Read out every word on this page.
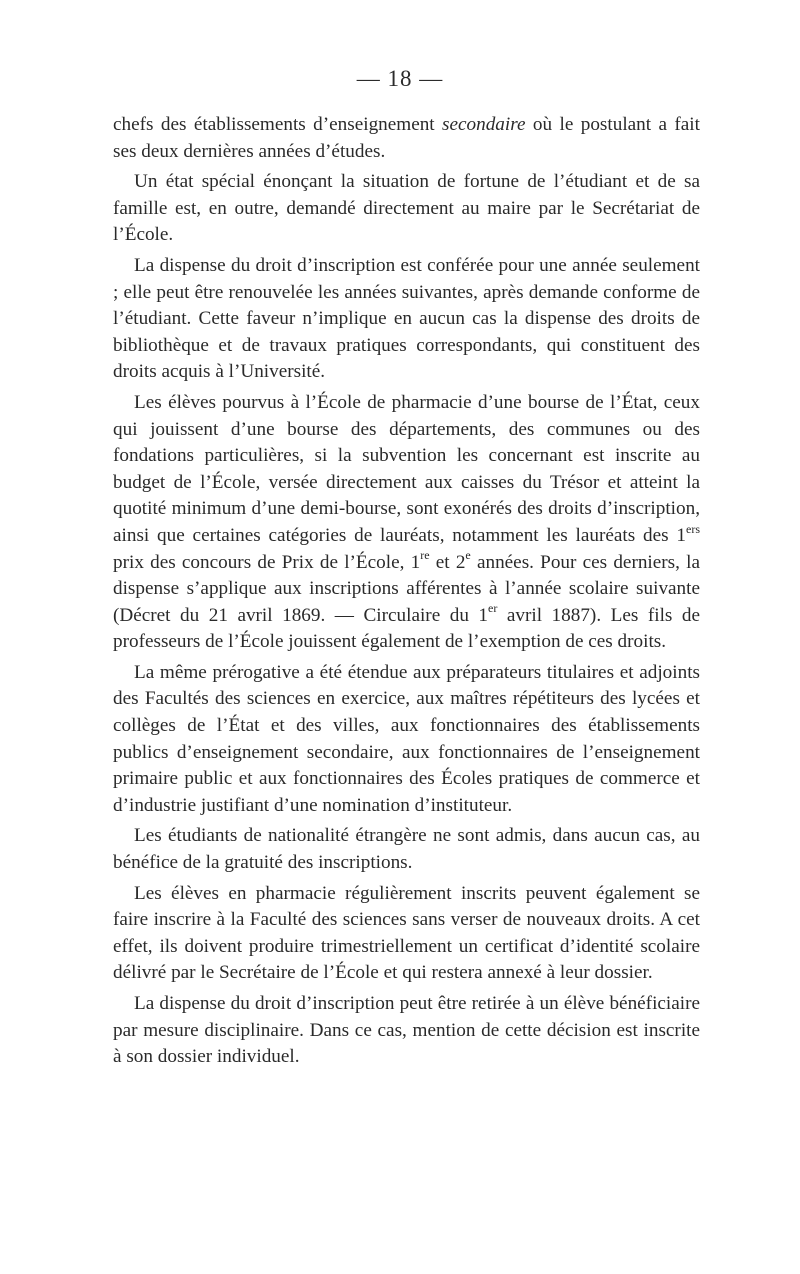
— 18 —

chefs des établissements d’enseignement secondaire où le postulant a fait ses deux dernières années d’études.

Un état spécial énonçant la situation de fortune de l’étudiant et de sa famille est, en outre, demandé directement au maire par le Secrétariat de l’École.

La dispense du droit d’inscription est conférée pour une année seulement ; elle peut être renouvelée les années suivantes, après demande conforme de l’étudiant. Cette faveur n’implique en aucun cas la dispense des droits de bibliothèque et de travaux pratiques correspondants, qui constituent des droits acquis à l’Université.

Les élèves pourvus à l’École de pharmacie d’une bourse de l’État, ceux qui jouissent d’une bourse des départements, des communes ou des fondations particulières, si la subvention les concernant est inscrite au budget de l’École, versée directement aux caisses du Trésor et atteint la quotité minimum d’une demi-bourse, sont exonérés des droits d’inscription, ainsi que certaines catégories de lauréats, notamment les lauréats des 1ers prix des concours de Prix de l’École, 1re et 2e années. Pour ces derniers, la dispense s’applique aux inscriptions afférentes à l’année scolaire suivante (Décret du 21 avril 1869. — Circulaire du 1er avril 1887). Les fils de professeurs de l’École jouissent également de l’exemption de ces droits.

La même prérogative a été étendue aux préparateurs titulaires et adjoints des Facultés des sciences en exercice, aux maîtres répétiteurs des lycées et collèges de l’État et des villes, aux fonctionnaires des établissements publics d’enseignement secondaire, aux fonctionnaires de l’enseignement primaire public et aux fonctionnaires des Écoles pratiques de commerce et d’industrie justifiant d’une nomination d’instituteur.

Les étudiants de nationalité étrangère ne sont admis, dans aucun cas, au bénéfice de la gratuité des inscriptions.

Les élèves en pharmacie régulièrement inscrits peuvent également se faire inscrire à la Faculté des sciences sans verser de nouveaux droits. A cet effet, ils doivent produire trimestriellement un certificat d’identité scolaire délivré par le Secrétaire de l’École et qui restera annexé à leur dossier.

La dispense du droit d’inscription peut être retirée à un élève bénéficiaire par mesure disciplinaire. Dans ce cas, mention de cette décision est inscrite à son dossier individuel.
